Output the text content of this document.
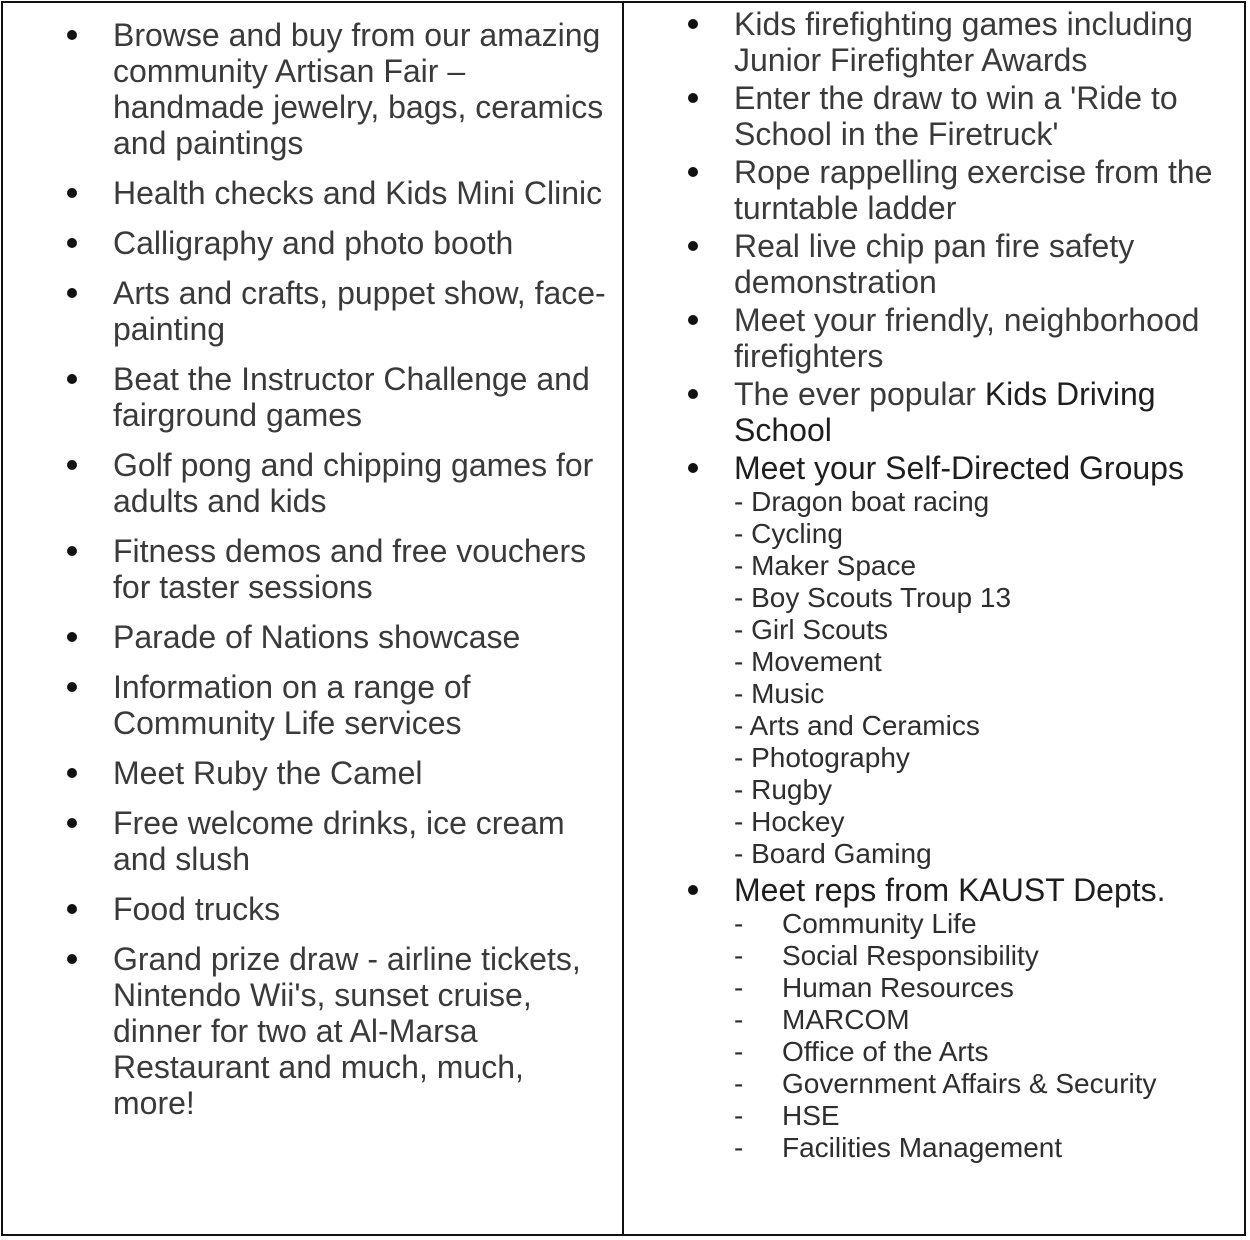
Browse and buy from our amazing community Artisan Fair – handmade jewelry, bags, ceramics and paintings
Health checks and Kids Mini Clinic
Calligraphy and photo booth
Arts and crafts, puppet show, face-painting
Beat the Instructor Challenge and fairground games
Golf pong and chipping games for adults and kids
Fitness demos and free vouchers for taster sessions
Parade of Nations showcase
Information on a range of Community Life services
Meet Ruby the Camel
Free welcome drinks, ice cream and slush
Food trucks
Grand prize draw - airline tickets, Nintendo Wii's, sunset cruise, dinner for two at Al-Marsa Restaurant and much, much, more!
Kids firefighting games including Junior Firefighter Awards
Enter the draw to win a 'Ride to School in the Firetruck'
Rope rappelling exercise from the turntable ladder
Real live chip pan fire safety demonstration
Meet your friendly, neighborhood firefighters
The ever popular Kids Driving School
Meet your Self-Directed Groups
- Dragon boat racing
- Cycling
- Maker Space
- Boy Scouts Troup 13
- Girl Scouts
- Movement
- Music
- Arts and Ceramics
- Photography
- Rugby
- Hockey
- Board Gaming
Meet reps from KAUST Depts.
- Community Life
- Social Responsibility
- Human Resources
- MARCOM
- Office of the Arts
- Government Affairs & Security
- HSE
- Facilities Management
